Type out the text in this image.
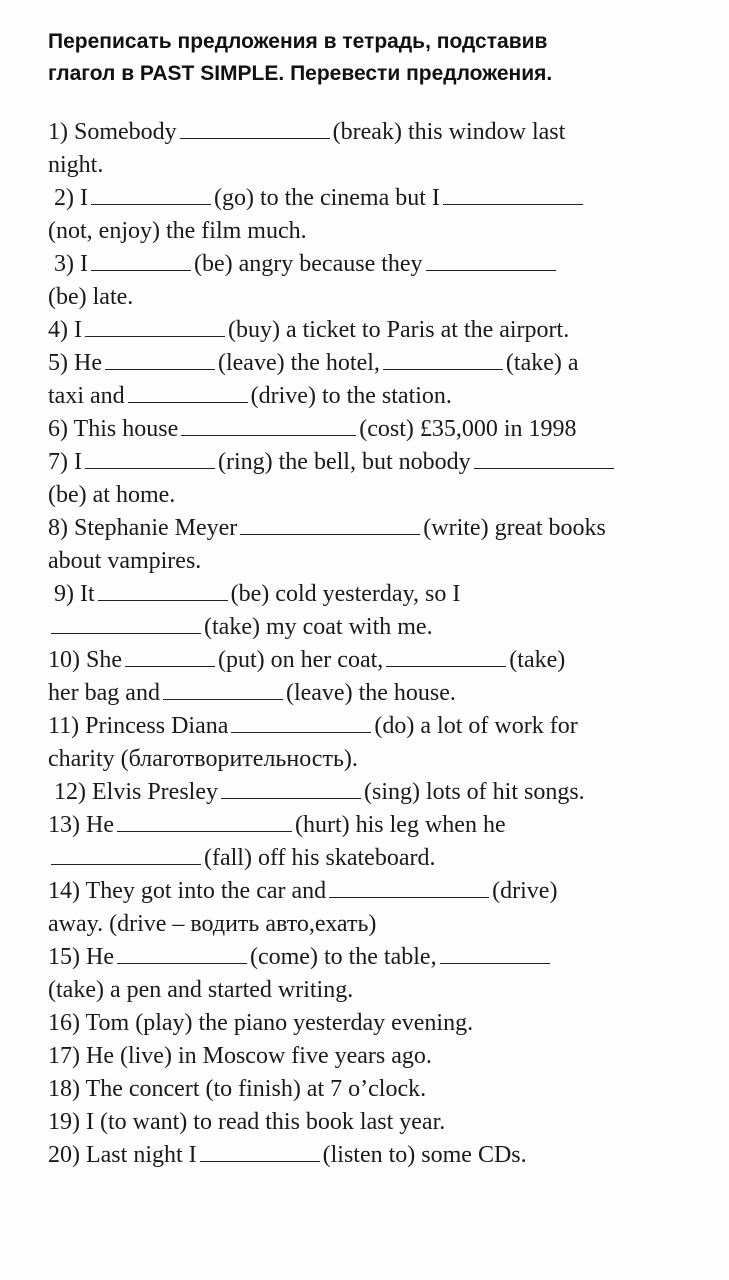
Переписать предложения в тетрадь, подставив
глагол в PAST SIMPLE. Перевести предложения.
1) Somebody	(break) this window last
night.
2) I	(go) to the cinema but I
(not, enjoy) the film much.
3) I	(be) angry because they
(be) late.
4) I	(buy) a ticket to Paris at the airport.
5) He	(leave) the hotel,	(take) a
taxi and	(drive) to the station.
6) This house	(cost) £35,000 in 1998
7) I	(ring) the bell, but nobody
(be) at home.
8) Stephanie Meyer	(write) great books
about vampires.
9) It	(be) cold yesterday, so I
(take) my coat with me.
10) She	(put) on her coat,	(take)
her bag and	(leave) the house.
11) Princess Diana	(do) a lot of work for
charity (благотворительность).
12) Elvis Presley	(sing) lots of hit songs.
13) He	(hurt) his leg when he
(fall) off his skateboard.
14) They got into the car and	(drive)
away. (drive – водить авто,ехать)
15) He	(come) to the table,
(take) a pen and started writing.
16) Tom (play) the piano yesterday evening.
17) He (live) in Moscow five years ago.
18) The concert (to finish) at 7 o’clock.
19) I (to want) to read this book last year.
20) Last night I	(listen to) some CDs.
